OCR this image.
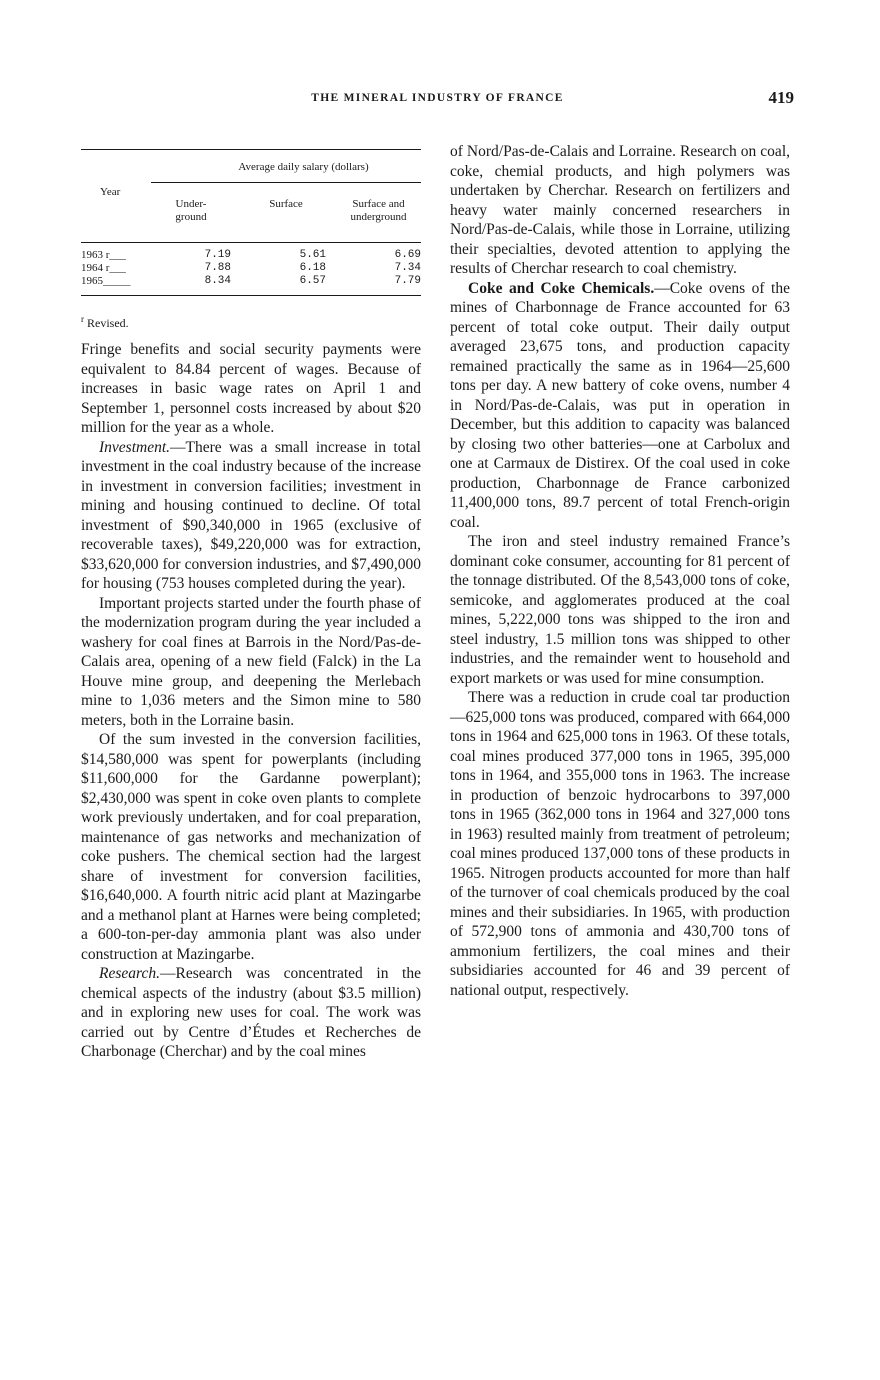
THE MINERAL INDUSTRY OF FRANCE	419
Average daily salary (dollars)
Year
Under-
ground
Surface	Surface and
underground
1963 r___	7.19	5.61	6.69
1964 r___	7.88	6.18	7.34
1965_____	8.34	6.57	7.79
$^r$ Revised.

Fringe benefits and social security payments were equivalent to 84.84 percent of wages. Because of increases in basic wage rates on April 1 and September 1, personnel costs increased by about $20 million for the year as a whole.

Investment.—There was a small increase in total investment in the coal industry because of the increase in investment in conversion facilities; investment in mining and housing continued to decline. Of total investment of $90,340,000 in 1965 (exclusive of recoverable taxes), $49,220,000 was for extraction, $33,620,000 for conversion industries, and $7,490,000 for housing (753 houses completed during the year).

Important projects started under the fourth phase of the modernization program during the year included a washery for coal fines at Barrois in the Nord/Pas-de-Calais area, opening of a new field (Falck) in the La Houve mine group, and deepening the Merlebach mine to 1,036 meters and the Simon mine to 580 meters, both in the Lorraine basin.

Of the sum invested in the conversion facilities, $14,580,000 was spent for powerplants (including $11,600,000 for the Gardanne powerplant); $2,430,000 was spent in coke oven plants to complete work previously undertaken, and for coal preparation, maintenance of gas networks and mechanization of coke pushers. The chemical section had the largest share of investment for conversion facilities, $16,640,000. A fourth nitric acid plant at Mazingarbe and a methanol plant at Harnes were being completed; a 600-ton-per-day ammonia plant was also under construction at Mazingarbe.

Research.—Research was concentrated in the chemical aspects of the industry (about $3.5 million) and in exploring new uses for coal. The work was carried out by Centre d’Études et Recherches de Charbonage (Cherchar) and by the coal mines

of Nord/Pas-de-Calais and Lorraine. Research on coal, coke, chemial products, and high polymers was undertaken by Cherchar. Research on fertilizers and heavy water mainly concerned researchers in Nord/Pas-de-Calais, while those in Lorraine, utilizing their specialties, devoted attention to applying the results of Cherchar research to coal chemistry.

Coke and Coke Chemicals.—Coke ovens of the mines of Charbonnage de France accounted for 63 percent of total coke output. Their daily output averaged 23,675 tons, and production capacity remained practically the same as in 1964—25,600 tons per day. A new battery of coke ovens, number 4 in Nord/Pas-de-Calais, was put in operation in December, but this addition to capacity was balanced by closing two other batteries—one at Carbolux and one at Carmaux de Distirex. Of the coal used in coke production, Charbonnage de France carbonized 11,400,000 tons, 89.7 percent of total French-origin coal.

The iron and steel industry remained France’s dominant coke consumer, accounting for 81 percent of the tonnage distributed. Of the 8,543,000 tons of coke, semicoke, and agglomerates produced at the coal mines, 5,222,000 tons was shipped to the iron and steel industry, 1.5 million tons was shipped to other industries, and the remainder went to household and export markets or was used for mine consumption.

There was a reduction in crude coal tar production—625,000 tons was produced, compared with 664,000 tons in 1964 and 625,000 tons in 1963. Of these totals, coal mines produced 377,000 tons in 1965, 395,000 tons in 1964, and 355,000 tons in 1963. The increase in production of benzoic hydrocarbons to 397,000 tons in 1965 (362,000 tons in 1964 and 327,000 tons in 1963) resulted mainly from treatment of petroleum; coal mines produced 137,000 tons of these products in 1965. Nitrogen products accounted for more than half of the turnover of coal chemicals produced by the coal mines and their subsidiaries. In 1965, with production of 572,900 tons of ammonia and 430,700 tons of ammonium fertilizers, the coal mines and their subsidiaries accounted for 46 and 39 percent of national output, respectively.
